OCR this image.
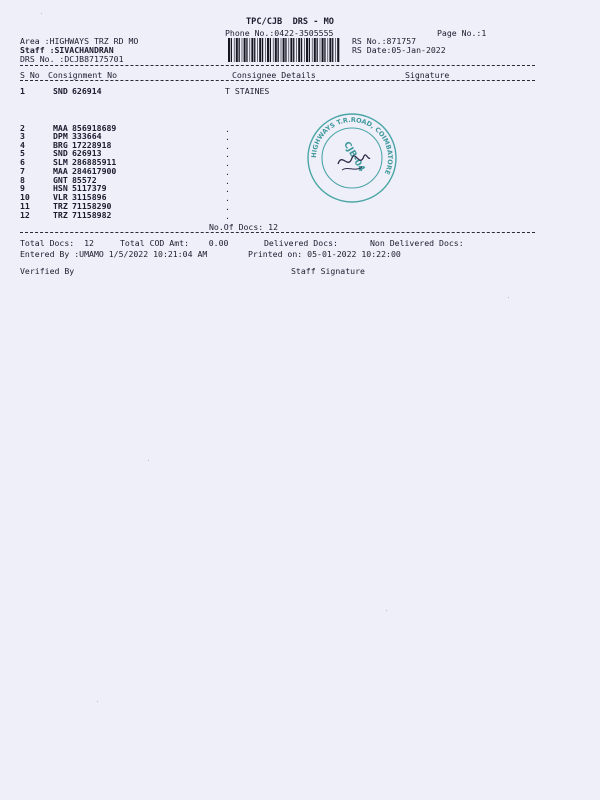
TPC/CJB  DRS - MO
Phone No.:0422-3505555	Page No.:1
Area :HIGHWAYS TRZ RD MO
Staff :SIVACHANDRAN
DRS No. :DCJB87175701
RS No.:871757
RS Date:05-Jan-2022
S No Consignment No	Consignee Details	Signature
1	SND 626914	T STAINES
2	MAA 856918689	.
3	DPM 333664	.
4	BRG 17228918	.
5	SND 626913	.
6	SLM 286885911	.
7	MAA 284617900	.
8	GNT 85572	.
9	HSN 5117379	.
10	VLR 3115896	.
11	TRZ 71158290	.
12	TRZ 71158982	.
No.Of Docs: 12
HIGHWAYS T.R.ROAD, COIMBATORE
CJB-04
Total Docs:  12	Total COD Amt:    0.00	Delivered Docs:	Non Delivered Docs:
Entered By :UMAMO 1/5/2022 10:21:04 AM	Printed on: 05-01-2022 10:22:00
Verified By	Staff Signature
